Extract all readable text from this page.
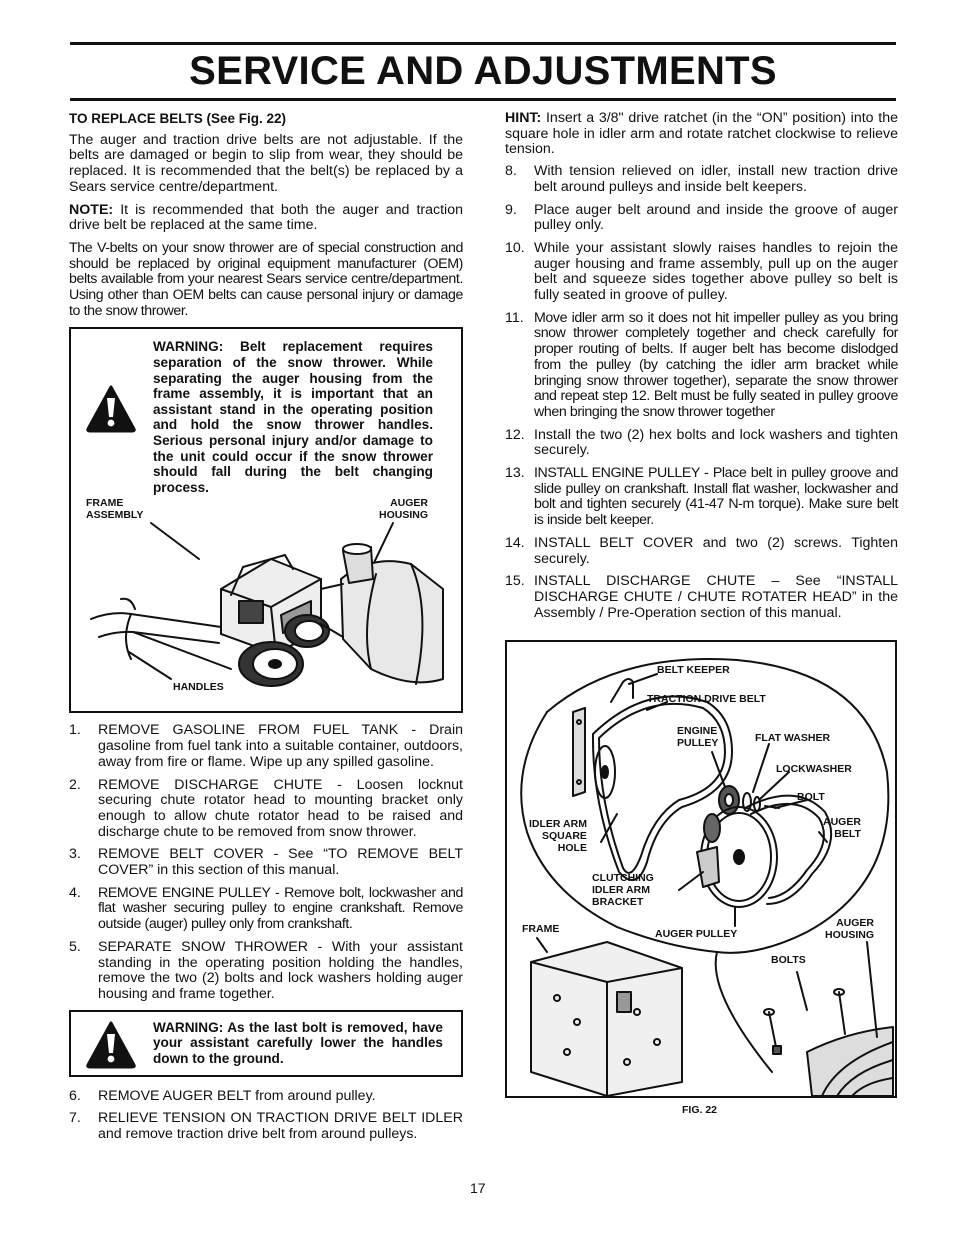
SERVICE AND ADJUSTMENTS

TO REPLACE BELTS (See Fig. 22)

The auger and traction drive belts are not adjustable. If the belts are damaged or begin to slip from wear, they should be replaced. It is recommended that the belt(s) be replaced by a Sears service centre/department.

NOTE: It is recommended that both the auger and traction drive belt be replaced at the same time.

The V-belts on your snow thrower are of special construction and should be replaced by original equipment manufacturer (OEM) belts available from your nearest Sears service centre/department. Using other than OEM belts can cause personal injury or damage to the snow thrower.

WARNING: Belt replacement requires separation of the snow thrower. While separating the auger housing from the frame assembly, it is important that an assistant stand in the operating position and hold the snow thrower handles. Serious personal injury and/or damage to the unit could occur if the snow thrower should fall during the belt changing process.
FRAME
ASSEMBLY
AUGER
HOUSING
HANDLES
1.	REMOVE GASOLINE FROM FUEL TANK - Drain gasoline from fuel tank into a suitable container, outdoors, away from fire or flame. Wipe up any spilled gasoline.
2.	REMOVE DISCHARGE CHUTE - Loosen locknut securing chute rotator head to mounting bracket only enough to allow chute rotator head to be raised and discharge chute to be removed from snow thrower.
3.	REMOVE BELT COVER - See “TO REMOVE BELT COVER” in this section of this manual.
4.	REMOVE ENGINE PULLEY - Remove bolt, lockwasher and flat washer securing pulley to engine crankshaft. Remove outside (auger) pulley only from crankshaft.
5.	SEPARATE SNOW THROWER - With your assistant standing in the operating position holding the handles, remove the two (2) bolts and lock washers holding auger housing and frame together.
WARNING: As the last bolt is removed, have your assistant carefully lower the handles down to the ground.
6.	REMOVE AUGER BELT from around pulley.
7.	RELIEVE TENSION ON TRACTION DRIVE BELT IDLER and remove traction drive belt from around pulleys.

HINT: Insert a 3/8" drive ratchet (in the “ON” position) into the square hole in idler arm and rotate ratchet clockwise to relieve tension.

8.	With tension relieved on idler, install new traction drive belt around pulleys and inside belt keepers.
9.	Place auger belt around and inside the groove of auger pulley only.
10. While your assistant slowly raises handles to rejoin the auger housing and frame assembly, pull up on the auger belt and squeeze sides together above pulley so belt is fully seated in groove of pulley.
11. Move idler arm so it does not hit impeller pulley as you bring snow thrower completely together and check carefully for proper routing of belts. If auger belt has become dislodged from the pulley (by catching the idler arm bracket while bringing snow thrower together), separate the snow thrower and repeat step 12. Belt must be fully seated in pulley groove when bringing the snow thrower together
12. Install the two (2) hex bolts and lock washers and tighten securely.
13. INSTALL ENGINE PULLEY - Place belt in pulley groove and slide pulley on crankshaft. Install flat washer, lockwasher and bolt and tighten securely (41-47 N-m torque). Make sure belt is inside belt keeper.
14. INSTALL BELT COVER and two (2) screws. Tighten securely.
15. INSTALL DISCHARGE CHUTE – See “INSTALL DISCHARGE CHUTE / CHUTE ROTATER HEAD” in the Assembly / Pre-Operation section of this manual.
BELT KEEPER
TRACTION DRIVE BELT
ENGINE
PULLEY	FLAT WASHER
LOCKWASHER
BOLT
IDLER ARM
SQUARE
HOLE
AUGER
BELT
CLUTCHING
IDLER ARM
BRACKET
FRAME	AUGER PULLEY
AUGER
HOUSING
BOLTS
FIG. 22
17
